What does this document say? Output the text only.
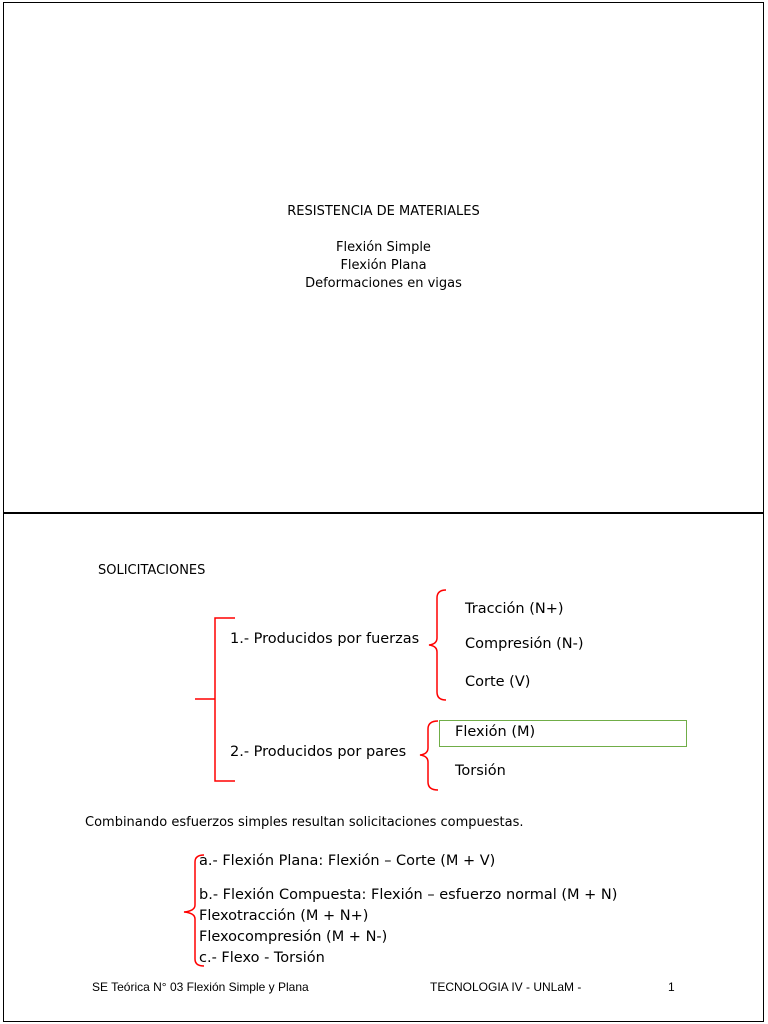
RESISTENCIA DE MATERIALES
Flexión Simple
Flexión Plana
Deformaciones en vigas
SOLICITACIONES
1.- Producidos por fuerzas
Tracción (N+)
Compresión (N-)
Corte (V)
2.- Producidos por pares
Flexión (M)
Torsión
Combinando esfuerzos simples resultan solicitaciones compuestas.
a.- Flexión Plana: Flexión – Corte (M + V)
b.- Flexión Compuesta: Flexión – esfuerzo normal (M + N)
Flexotracción (M + N+)
Flexocompresión (M + N-)
c.- Flexo - Torsión
SE Teórica N° 03 Flexión Simple y Plana	TECNOLOGIA IV - UNLaM -	1
